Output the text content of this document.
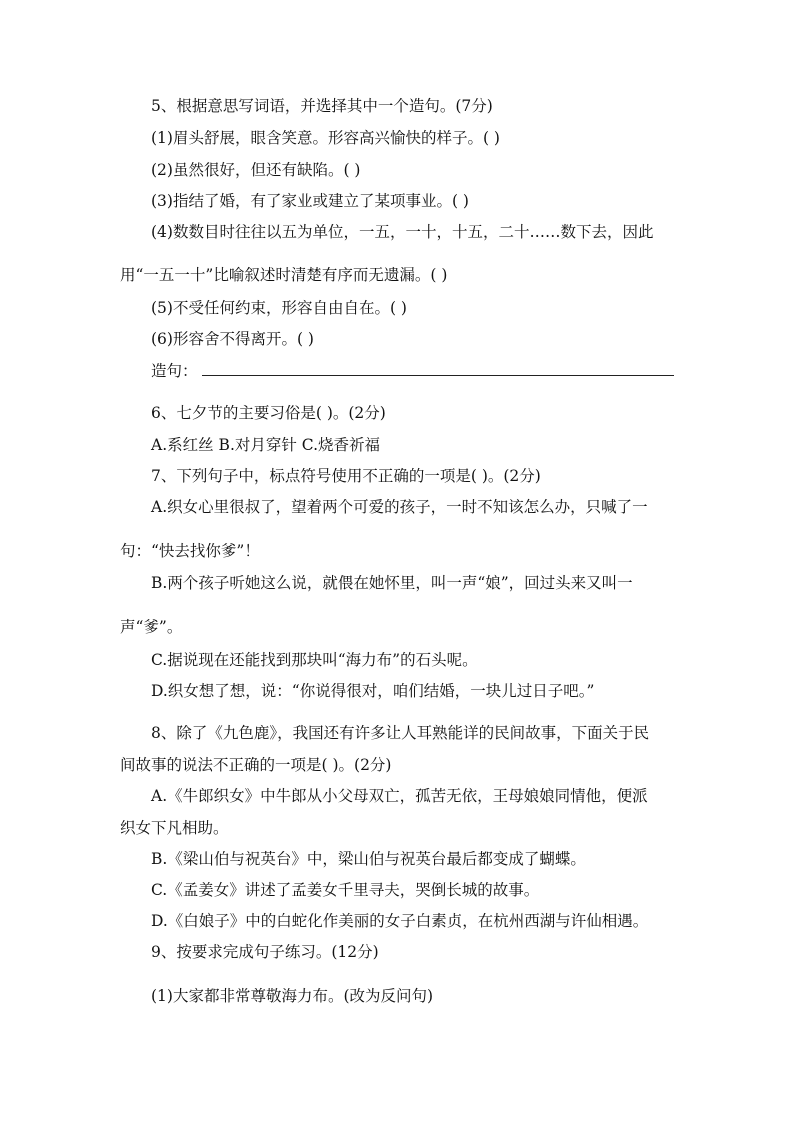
5、根据意思写词语，并选择其中一个造句。(7分)
(1)眉头舒展，眼含笑意。形容高兴愉快的样子。( )
(2)虽然很好，但还有缺陷。( )
(3)指结了婚，有了家业或建立了某项事业。( )
(4)数数目时往往以五为单位，一五，一十，十五，二十……数下去，因此
用“一五一十”比喻叙述时清楚有序而无遗漏。( )
(5)不受任何约束，形容自由自在。( )
(6)形容舍不得离开。( )
造句：
6、七夕节的主要习俗是( )。(2分)
A.系红丝 B.对月穿针 C.烧香祈福
7、下列句子中，标点符号使用不正确的一项是( )。(2分)
A.织女心里很叔了，望着两个可爱的孩子，一时不知该怎么办，只喊了一
句：“快去找你爹”！
B.两个孩子听她这么说，就偎在她怀里，叫一声“娘”，回过头来又叫一
声“爹”。
C.据说现在还能找到那块叫“海力布”的石头呢。
D.织女想了想，说：“你说得很对，咱们结婚，一块儿过日子吧。”
8、除了《九色鹿》，我国还有许多让人耳熟能详的民间故事，下面关于民
间故事的说法不正确的一项是( )。(2分)
A.《牛郎织女》中牛郎从小父母双亡，孤苦无依，王母娘娘同情他，便派
织女下凡相助。
B.《梁山伯与祝英台》中，梁山伯与祝英台最后都变成了蝴蝶。
C.《孟姜女》讲述了孟姜女千里寻夫，哭倒长城的故事。
D.《白娘子》中的白蛇化作美丽的女子白素贞，在杭州西湖与许仙相遇。
9、按要求完成句子练习。(12分)
(1)大家都非常尊敬海力布。(改为反问句)
